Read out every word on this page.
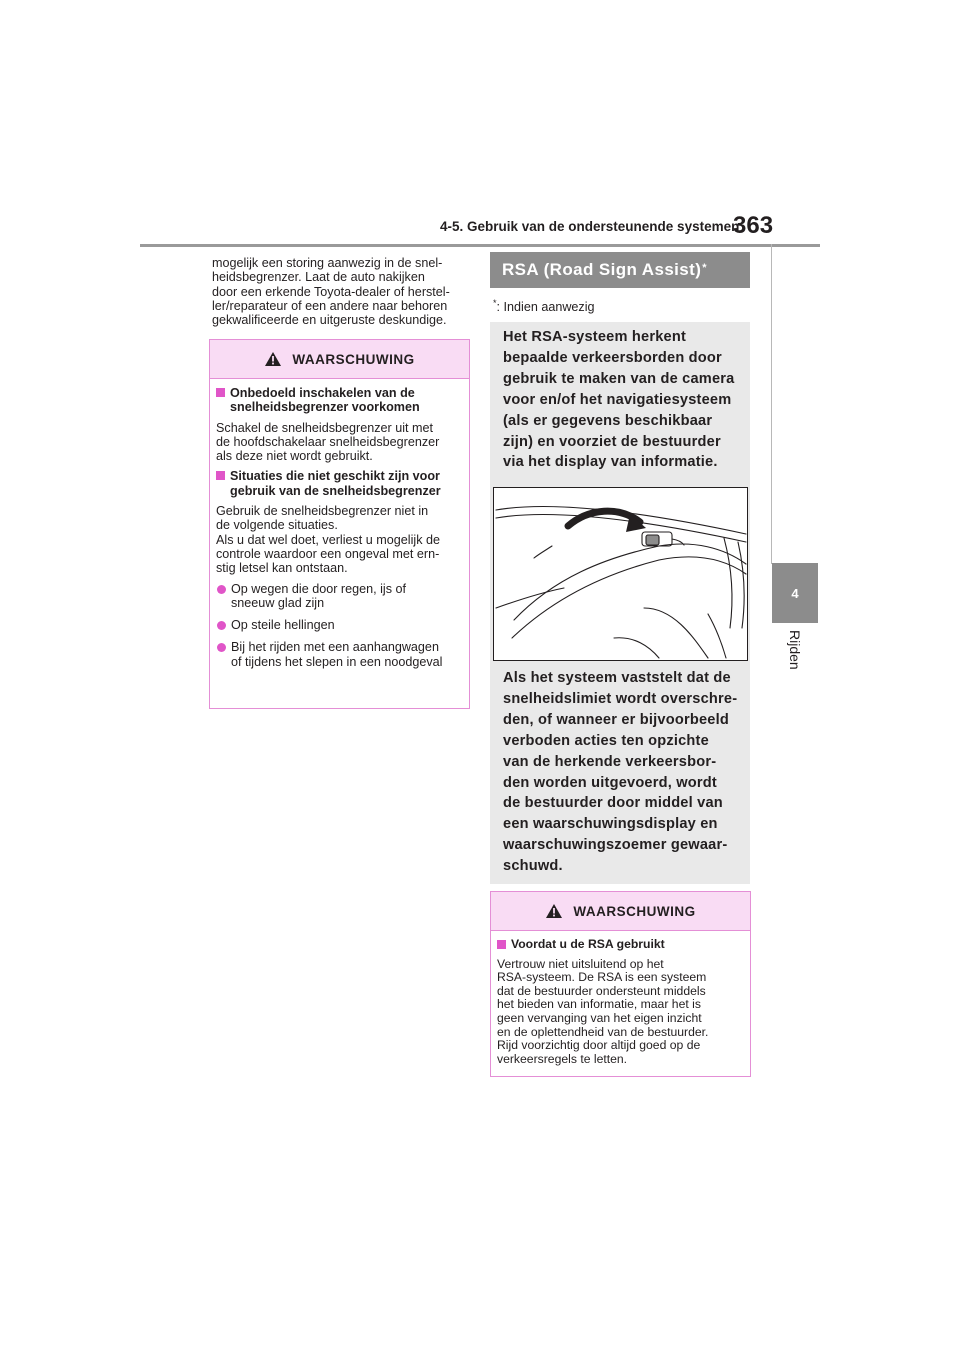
4-5. Gebruik van de ondersteunende systemen
363
4
Rijden
mogelijk een storing aanwezig in de snel-
heidsbegrenzer. Laat de auto nakijken
door een erkende Toyota-dealer of herstel-
ler/reparateur of een andere naar behoren
gekwalificeerde en uitgeruste deskundige.
WAARSCHUWING
Onbedoeld inschakelen van de
snelheidsbegrenzer voorkomen

Schakel de snelheidsbegrenzer uit met
de hoofdschakelaar snelheidsbegrenzer
als deze niet wordt gebruikt.

Situaties die niet geschikt zijn voor
gebruik van de snelheidsbegrenzer

Gebruik de snelheidsbegrenzer niet in
de volgende situaties.
Als u dat wel doet, verliest u mogelijk de
controle waardoor een ongeval met ern-
stig letsel kan ontstaan.

Op wegen die door regen, ijs of
sneeuw glad zijn
Op steile hellingen
Bij het rijden met een aanhangwagen
of tijdens het slepen in een noodgeval
RSA (Road Sign Assist)*
*: Indien aanwezig
Het RSA-systeem herkent
bepaalde verkeersborden door
gebruik te maken van de camera
voor en/of het navigatiesysteem
(als er gegevens beschikbaar
zijn) en voorziet de bestuurder
via het display van informatie.
Als het systeem vaststelt dat de
snelheidslimiet wordt overschre-
den, of wanneer er bijvoorbeeld
verboden acties ten opzichte
van de herkende verkeersbor-
den worden uitgevoerd, wordt
de bestuurder door middel van
een waarschuwingsdisplay en
waarschuwingszoemer gewaar-
schuwd.
WAARSCHUWING
Voordat u de RSA gebruikt

Vertrouw niet uitsluitend op het
RSA-systeem. De RSA is een systeem
dat de bestuurder ondersteunt middels
het bieden van informatie, maar het is
geen vervanging van het eigen inzicht
en de oplettendheid van de bestuurder.
Rijd voorzichtig door altijd goed op de
verkeersregels te letten.
